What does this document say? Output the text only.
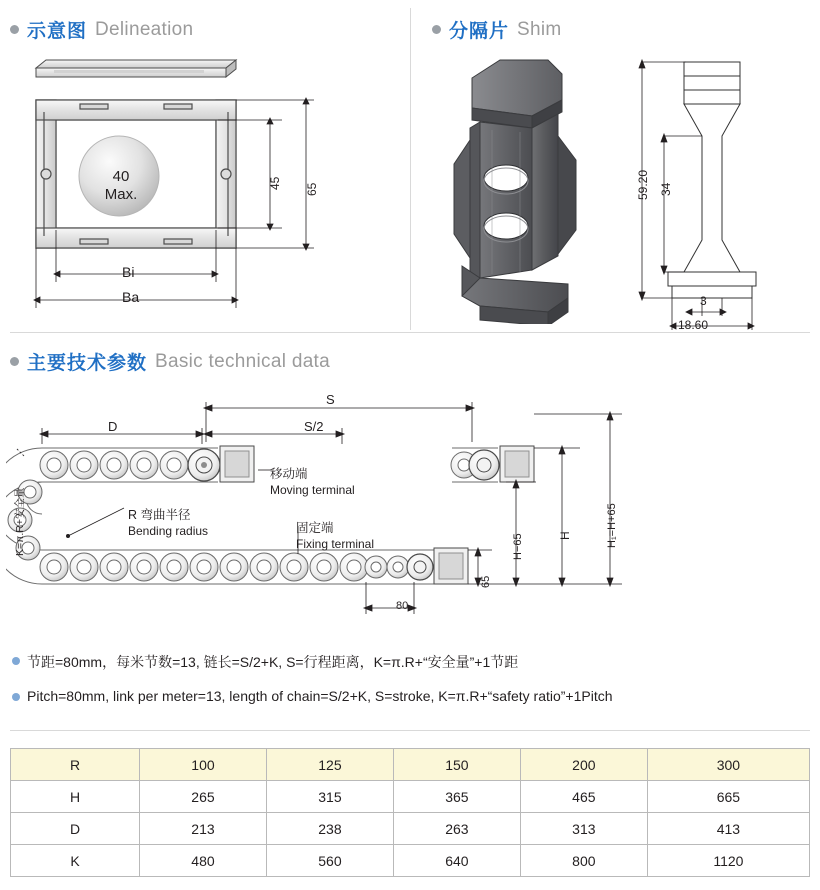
示意图 Delineation	分隔片 Shim
40
Max.
45 65
Bi
Ba
59.20 34
3
18.60
主要技术参数 Basic technical data
S
S/2
D
80
65
H−65	H	H₁=H+65
K=π.R+安全量
移动端
Moving terminal
固定端
Fixing terminal
R 弯曲半径
Bending radius
节距=80mm，每米节数=13, 链长=S/2+K, S=行程距离，K=π.R+“安全量”+1节距
Pitch=80mm, link per meter=13, length of chain=S/2+K, S=stroke, K=π.R+“safety ratio”+1Pitch
R	100	125	150	200	300
H	265	315	365	465	665
D	213	238	263	313	413
K	480	560	640	800	1120
